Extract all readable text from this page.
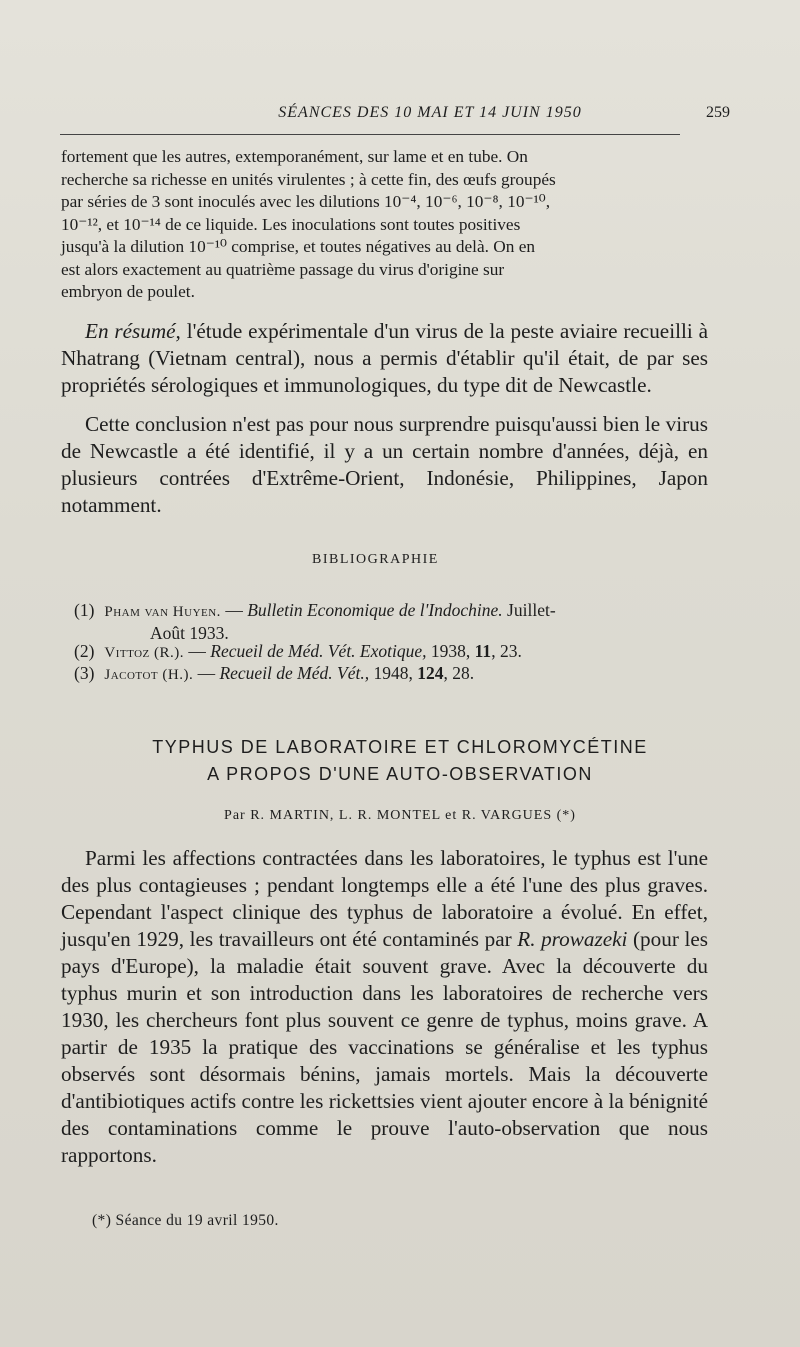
SÉANCES DES 10 MAI ET 14 JUIN 1950	259
fortement que les autres, extemporanément, sur lame et en tube. On
recherche sa richesse en unités virulentes ; à cette fin, des œufs groupés
par séries de 3 sont inoculés avec les dilutions 10⁻⁴, 10⁻⁶, 10⁻⁸, 10⁻¹⁰,
10⁻¹², et 10⁻¹⁴ de ce liquide. Les inoculations sont toutes positives
jusqu'à la dilution 10⁻¹⁰ comprise, et toutes négatives au delà. On en
est alors exactement au quatrième passage du virus d'origine sur
embryon de poulet.
En résumé, l'étude expérimentale d'un virus de la peste aviaire recueilli à Nhatrang (Vietnam central), nous a permis d'établir qu'il était, de par ses propriétés sérologiques et immunologiques, du type dit de Newcastle.
Cette conclusion n'est pas pour nous surprendre puisqu'aussi bien le virus de Newcastle a été identifié, il y a un certain nombre d'années, déjà, en plusieurs contrées d'Extrême-Orient, Indonésie, Philippines, Japon notamment.
BIBLIOGRAPHIE
(1) Pham van Huyen. — Bulletin Economique de l'Indochine. Juillet-
Août 1933.
(2) Vittoz (R.). — Recueil de Méd. Vét. Exotique, 1938, 11, 23.
(3) Jacotot (H.). — Recueil de Méd. Vét., 1948, 124, 28.
TYPHUS DE LABORATOIRE ET CHLOROMYCÉTINE
A PROPOS D'UNE AUTO-OBSERVATION
Par R. MARTIN, L. R. MONTEL et R. VARGUES (*)
Parmi les affections contractées dans les laboratoires, le typhus est l'une des plus contagieuses ; pendant longtemps elle a été l'une des plus graves. Cependant l'aspect clinique des typhus de laboratoire a évolué. En effet, jusqu'en 1929, les travailleurs ont été contaminés par R. prowazeki (pour les pays d'Europe), la maladie était souvent grave. Avec la découverte du typhus murin et son introduction dans les laboratoires de recherche vers 1930, les chercheurs font plus souvent ce genre de typhus, moins grave. A partir de 1935 la pratique des vaccinations se généralise et les typhus observés sont désormais bénins, jamais mortels. Mais la découverte d'antibiotiques actifs contre les rickettsies vient ajouter encore à la bénignité des contaminations comme le prouve l'auto-observation que nous rapportons.
(*) Séance du 19 avril 1950.
